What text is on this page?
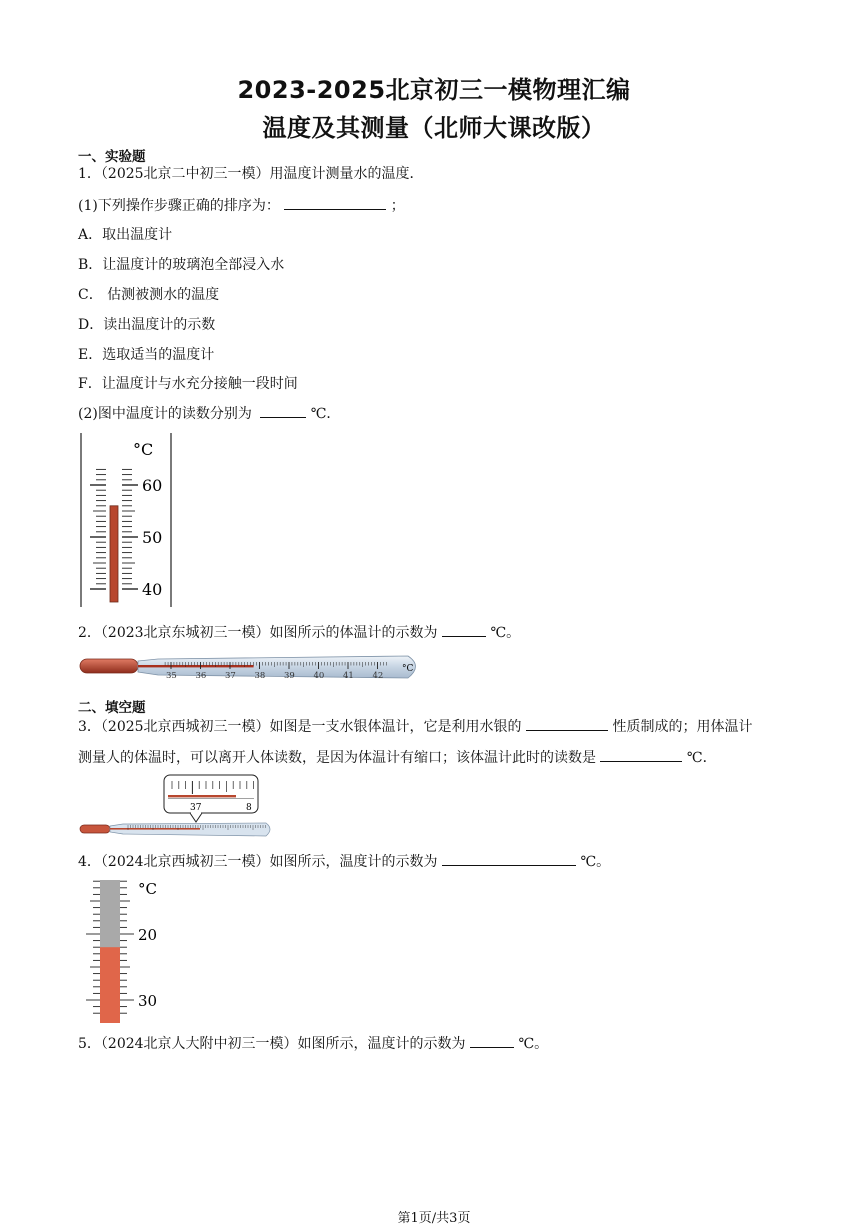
2023-2025北京初三一模物理汇编
温度及其测量（北师大课改版）
一、实验题
1．（2025北京二中初三一模）用温度计测量水的温度．
(1)下列操作步骤正确的排序为：	；
A．取出温度计
B．让温度计的玻璃泡全部浸入水
C． 估测被测水的温度
D．读出温度计的示数
E．选取适当的温度计
F．让温度计与水充分接触一段时间
(2)图中温度计的读数分别为	℃．
°C
60
50
40
2．（2023北京东城初三一模）如图所示的体温计的示数为	℃。
35 36 37 38 39 40 41 42
°C
二、填空题
3．（2025北京西城初三一模）如图是一支水银体温计，它是利用水银的	性质制成的；用体温计
测量人的体温时，可以离开人体读数，是因为体温计有缩口；该体温计此时的读数是	℃．
37	8
4．（2024北京西城初三一模）如图所示，温度计的示数为	℃。
°C
20
30
5．（2024北京人大附中初三一模）如图所示，温度计的示数为	℃。
第1页/共3页
